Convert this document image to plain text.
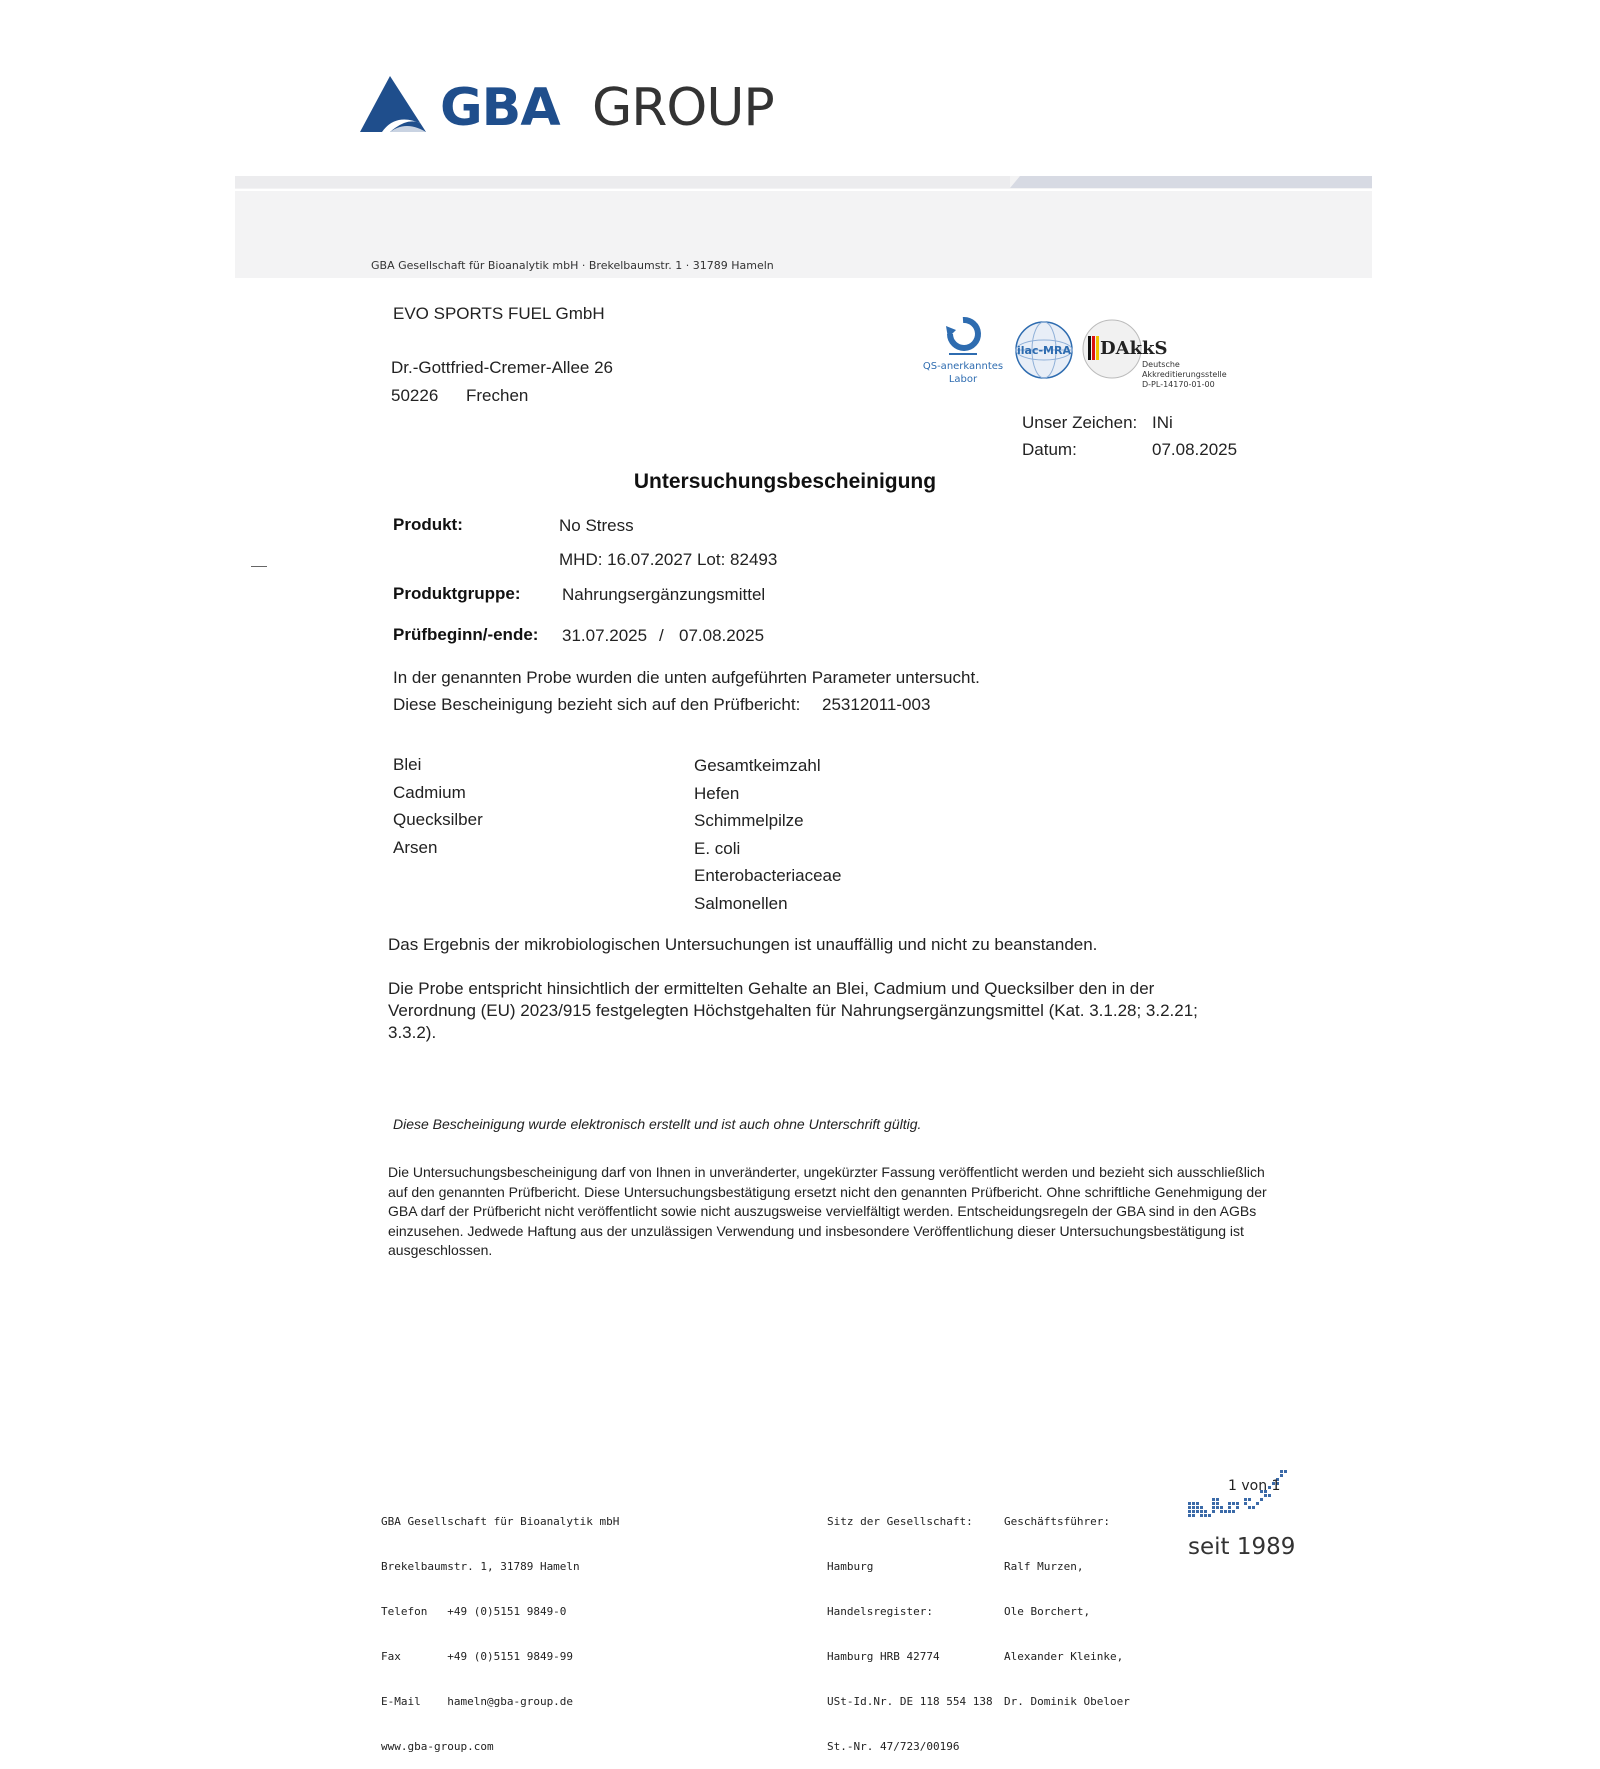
GBA GROUP
GBA Gesellschaft für Bioanalytik mbH · Brekelbaumstr. 1 · 31789 Hameln
EVO SPORTS FUEL GmbH
Dr.-Gottfried-Cremer-Allee 26
50226 Frechen
QS-anerkanntes
Labor
ilac-MRA DAkkS
Deutsche
Akkreditierungsstelle
D-PL-14170-01-00
Unser Zeichen: INi
Datum:	07.08.2025
Untersuchungsbescheinigung
Produkt:	No Stress
MHD: 16.07.2027 Lot: 82493
Produktgruppe: Nahrungsergänzungsmittel
Prüfbeginn/-ende: 31.07.2025 / 07.08.2025
In der genannten Probe wurden die unten aufgeführten Parameter untersucht.
Diese Bescheinigung bezieht sich auf den Prüfbericht: 25312011-003
Blei
Cadmium
Quecksilber
Arsen
Gesamtkeimzahl
Hefen
Schimmelpilze
E. coli
Enterobacteriaceae
Salmonellen
Das Ergebnis der mikrobiologischen Untersuchungen ist unauffällig und nicht zu beanstanden.
Die Probe entspricht hinsichtlich der ermittelten Gehalte an Blei, Cadmium und Quecksilber den in der Verordnung (EU) 2023/915 festgelegten Höchstgehalten für Nahrungsergänzungsmittel (Kat. 3.1.28; 3.2.21; 3.3.2).
Diese Bescheinigung wurde elektronisch erstellt und ist auch ohne Unterschrift gültig.
Die Untersuchungsbescheinigung darf von Ihnen in unveränderter, ungekürzter Fassung veröffentlicht werden und bezieht sich ausschließlich auf den genannten Prüfbericht. Diese Untersuchungsbestätigung ersetzt nicht den genannten Prüfbericht. Ohne schriftliche Genehmigung der GBA darf der Prüfbericht nicht veröffentlicht sowie nicht auszugsweise vervielfältigt werden. Entscheidungsregeln der GBA sind in den AGBs einzusehen. Jedwede Haftung aus der unzulässigen Verwendung und insbesondere Veröffentlichung dieser Untersuchungsbestätigung ist ausgeschlossen.

GBA Gesellschaft für Bioanalytik mbH

Brekelbaumstr. 1, 31789 Hameln

Telefon   +49 (0)5151 9849-0

Fax       +49 (0)5151 9849-99

E-Mail    hameln@gba-group.de

www.gba-group.com

Sitz der Gesellschaft:

Hamburg

Handelsregister:

Hamburg HRB 42774

USt-Id.Nr. DE 118 554 138

St.-Nr. 47/723/00196

Geschäftsführer:

Ralf Murzen,

Ole Borchert,

Alexander Kleinke,

Dr. Dominik Obeloer

1 von 1
seit 1989
